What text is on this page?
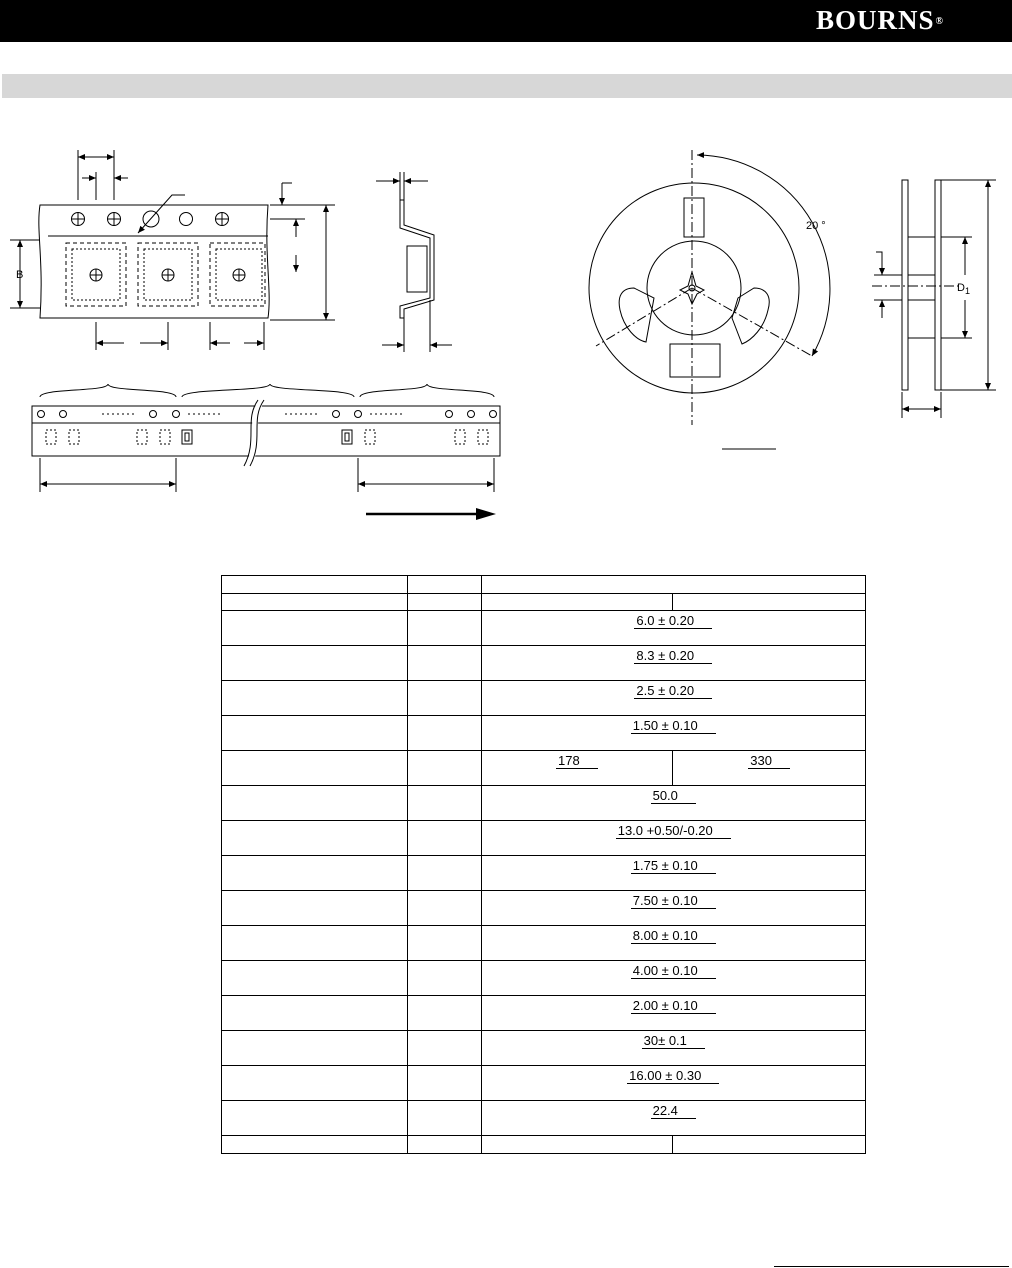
BOURNS®
B
20 °
$D_1$

		6.0 ± 0.20	
		8.3 ± 0.20	
		2.5 ± 0.20	
		1.50 ± 0.10	
		178	330
		50.0	
		13.0 +0.50/-0.20	
		1.75 ± 0.10	
		7.50 ± 0.10	
		8.00 ± 0.10	
		4.00 ± 0.10	
		2.00 ± 0.10	
		30± 0.1	
		16.00 ± 0.30	
		22.4	
